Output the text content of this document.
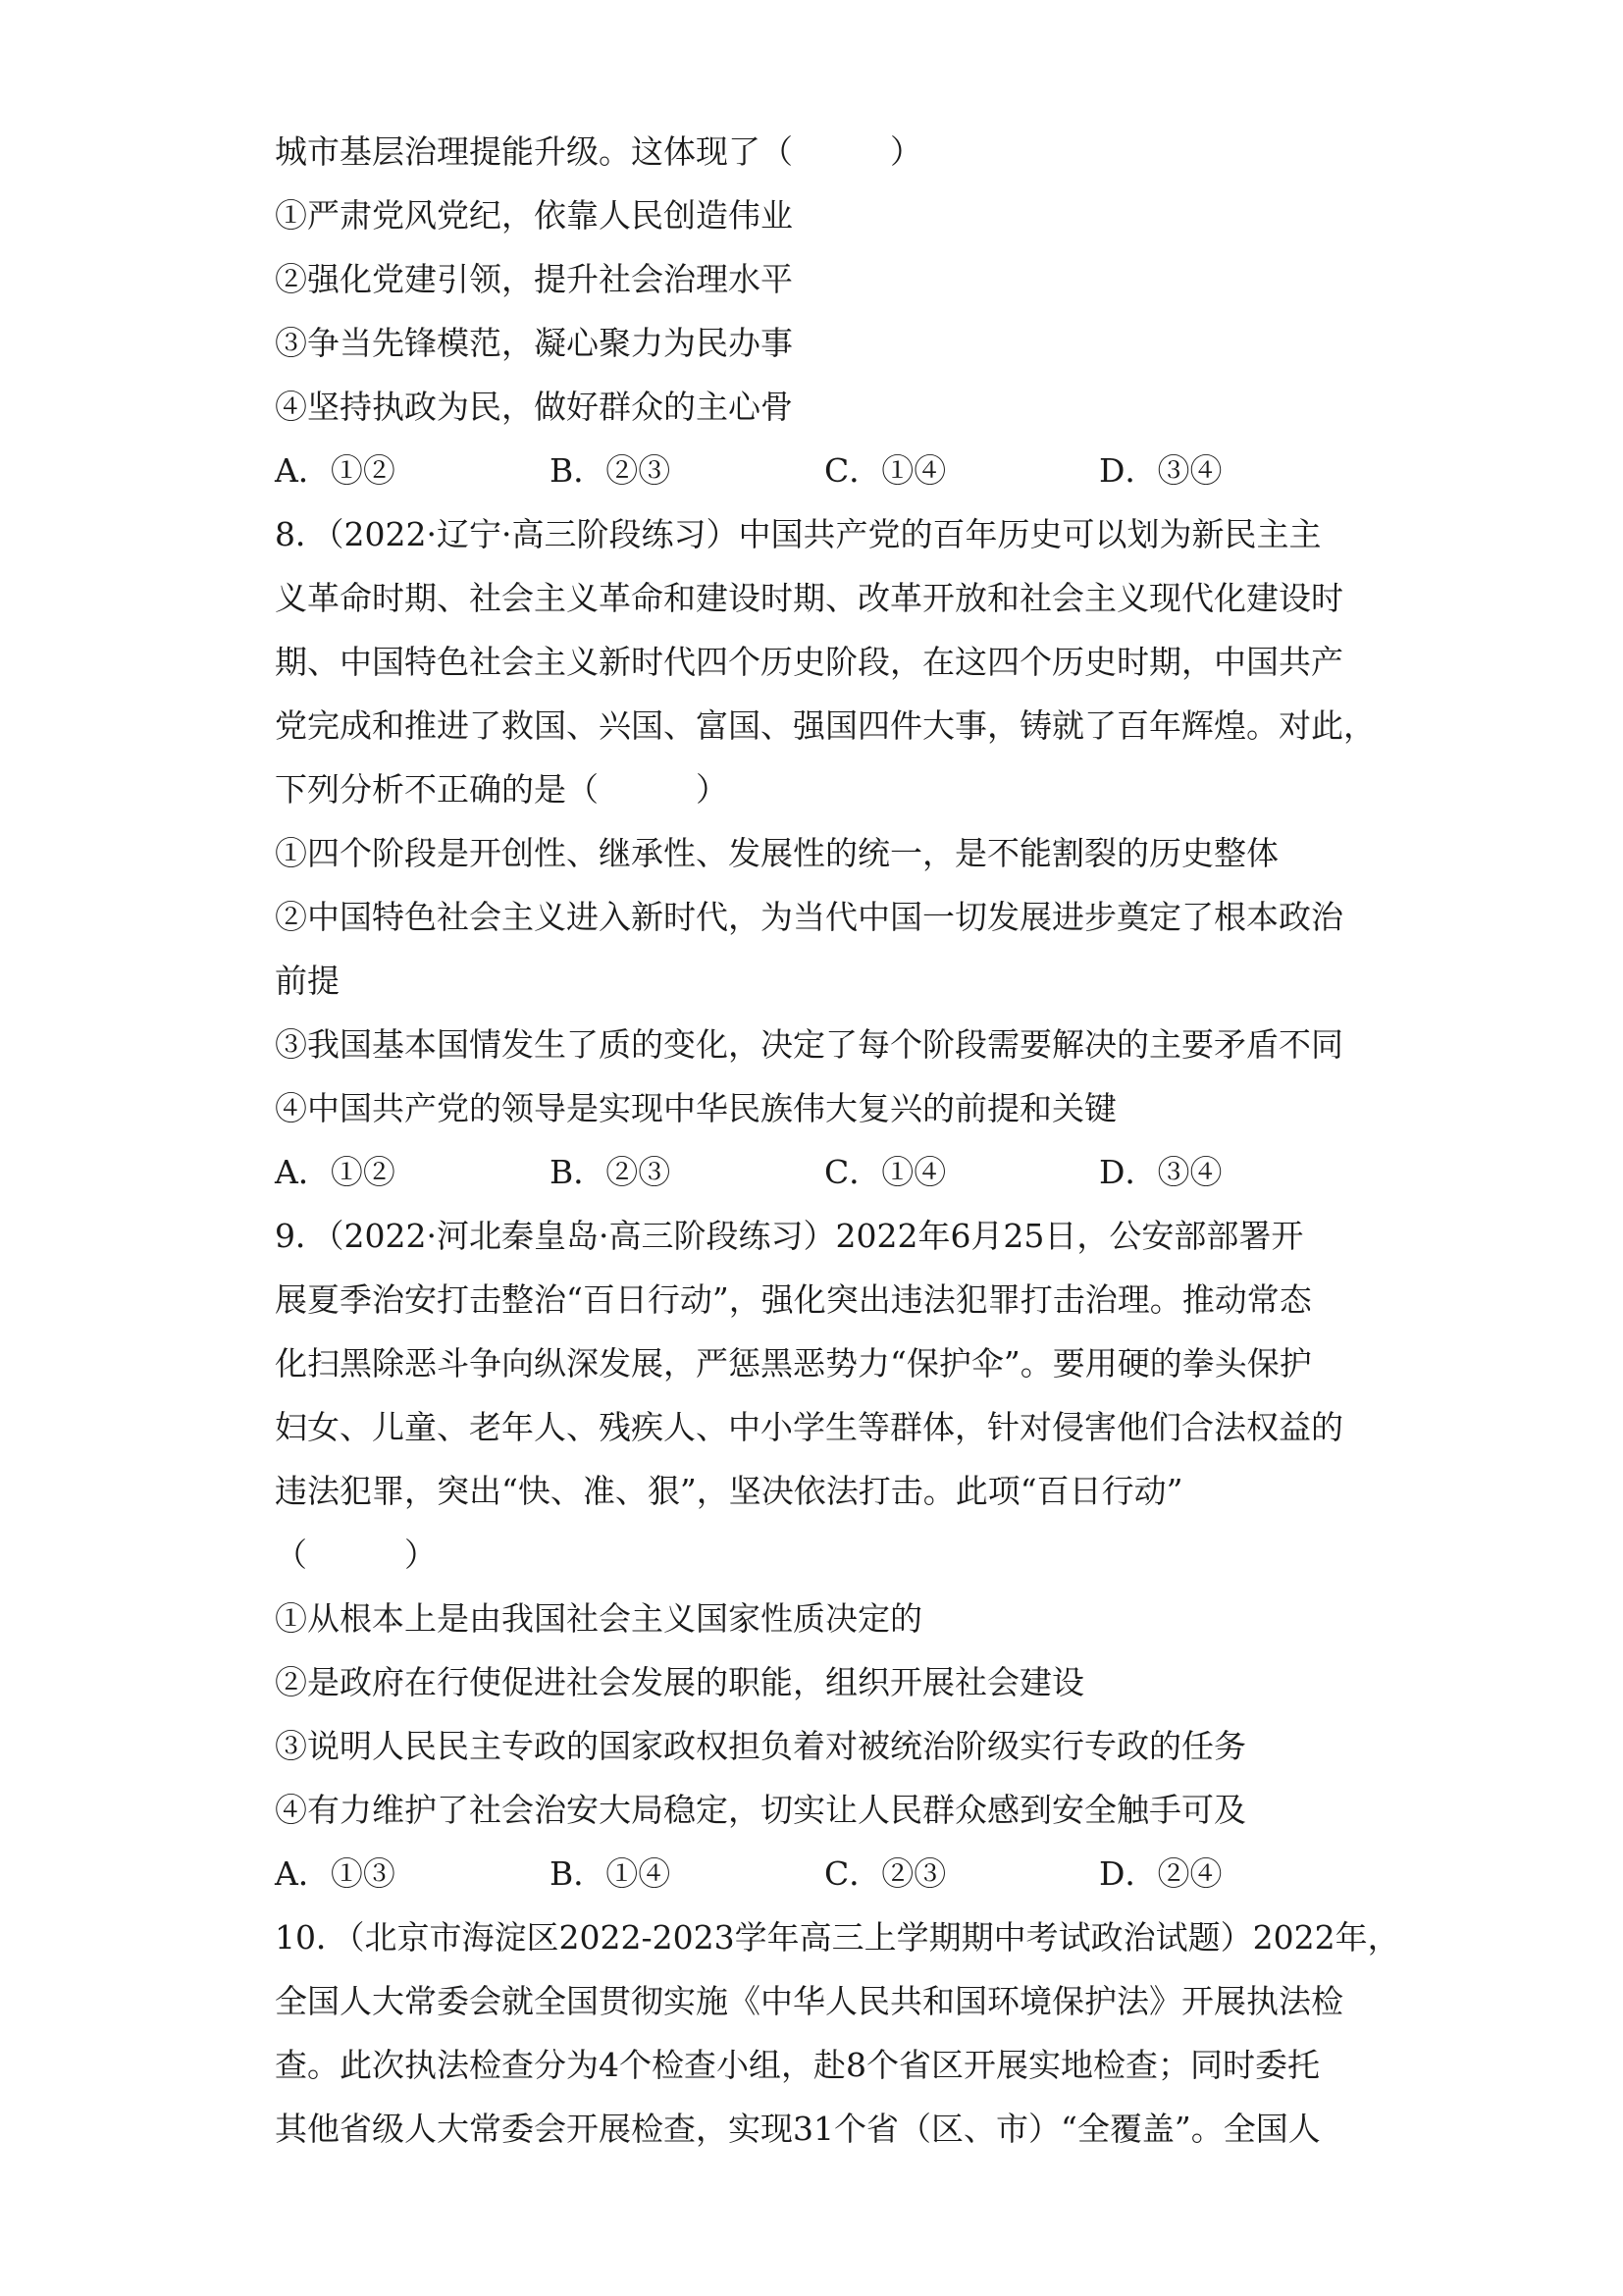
城市基层治理提能升级。这体现了（　　　）
①严肃党风党纪，依靠人民创造伟业
②强化党建引领，提升社会治理水平
③争当先锋模范，凝心聚力为民办事
④坚持执政为民，做好群众的主心骨
A．①②	B．②③	C．①④	D．③④
8．（2022·辽宁·高三阶段练习）中国共产党的百年历史可以划为新民主主
义革命时期、社会主义革命和建设时期、改革开放和社会主义现代化建设时
期、中国特色社会主义新时代四个历史阶段，在这四个历史时期，中国共产
党完成和推进了救国、兴国、富国、强国四件大事，铸就了百年辉煌。对此，
下列分析不正确的是（　　　）
①四个阶段是开创性、继承性、发展性的统一，是不能割裂的历史整体
②中国特色社会主义进入新时代，为当代中国一切发展进步奠定了根本政治
前提
③我国基本国情发生了质的变化，决定了每个阶段需要解决的主要矛盾不同
④中国共产党的领导是实现中华民族伟大复兴的前提和关键
A．①②	B．②③	C．①④	D．③④
9．（2022·河北秦皇岛·高三阶段练习）2022年6月25日，公安部部署开
展夏季治安打击整治“百日行动”，强化突出违法犯罪打击治理。推动常态
化扫黑除恶斗争向纵深发展，严惩黑恶势力“保护伞”。要用硬的拳头保护
妇女、儿童、老年人、残疾人、中小学生等群体，针对侵害他们合法权益的
违法犯罪，突出“快、准、狠”，坚决依法打击。此项“百日行动”
（　　　）
①从根本上是由我国社会主义国家性质决定的
②是政府在行使促进社会发展的职能，组织开展社会建设
③说明人民民主专政的国家政权担负着对被统治阶级实行专政的任务
④有力维护了社会治安大局稳定，切实让人民群众感到安全触手可及
A．①③	B．①④	C．②③	D．②④
10．（北京市海淀区2022-2023学年高三上学期期中考试政治试题）2022年，
全国人大常委会就全国贯彻实施《中华人民共和国环境保护法》开展执法检
查。此次执法检查分为4个检查小组，赴8个省区开展实地检查；同时委托
其他省级人大常委会开展检查，实现31个省（区、市）“全覆盖”。全国人
